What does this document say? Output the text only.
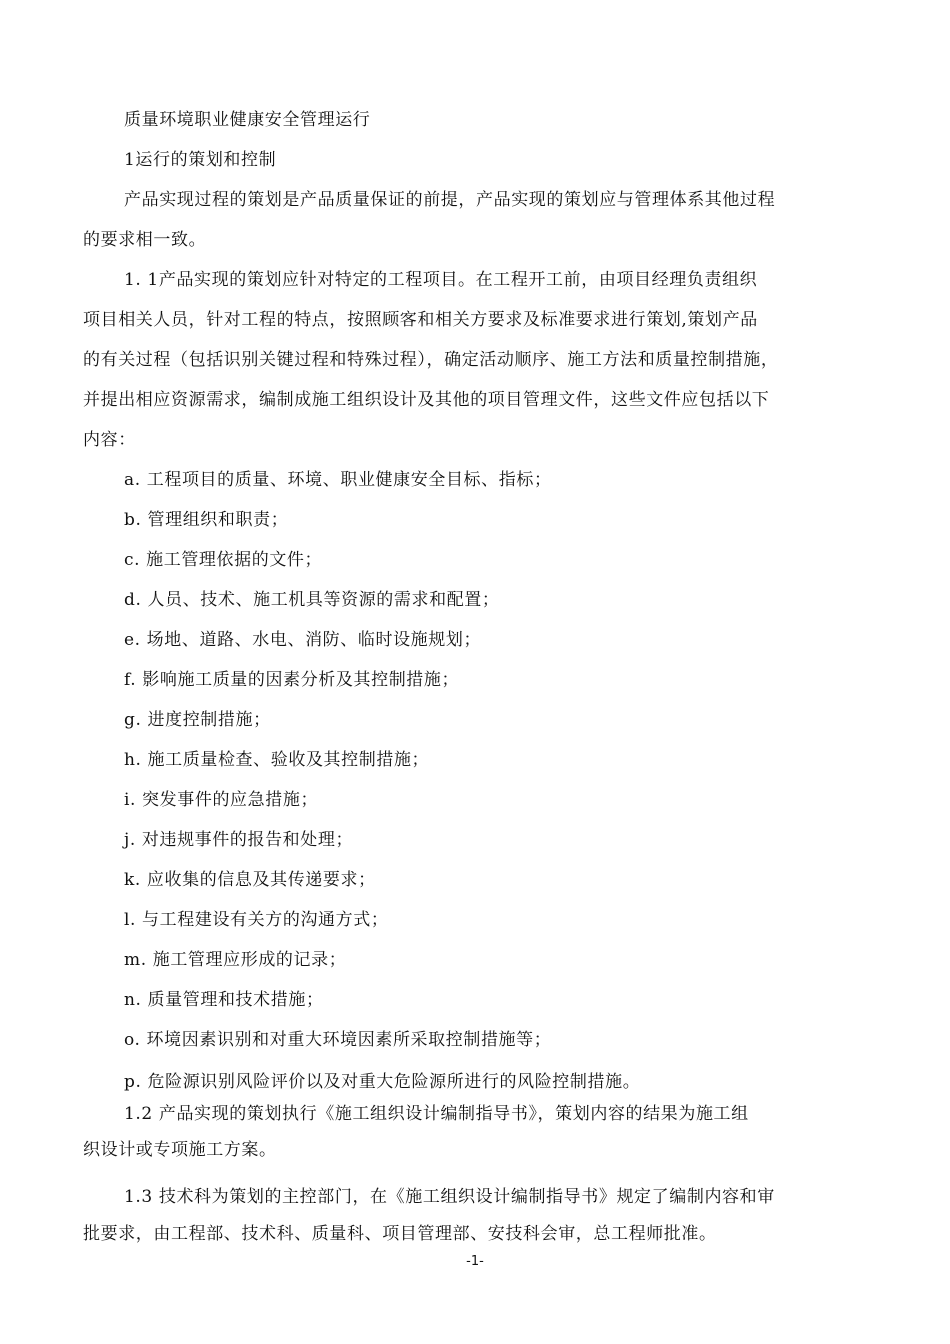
质量环境职业健康安全管理运行
1运行的策划和控制
产品实现过程的策划是产品质量保证的前提，产品实现的策划应与管理体系其他过程
的要求相一致。
1. 1产品实现的策划应针对特定的工程项目。在工程开工前，由项目经理负责组织
项目相关人员，针对工程的特点，按照顾客和相关方要求及标准要求进行策划,策划产品
的有关过程（包括识别关键过程和特殊过程），确定活动顺序、施工方法和质量控制措施，
并提出相应资源需求，编制成施工组织设计及其他的项目管理文件，这些文件应包括以下
内容：
a. 工程项目的质量、环境、职业健康安全目标、指标；
b. 管理组织和职责；
c. 施工管理依据的文件；
d. 人员、技术、施工机具等资源的需求和配置；
e. 场地、道路、水电、消防、临时设施规划；
f. 影响施工质量的因素分析及其控制措施；
g. 进度控制措施；
h. 施工质量检查、验收及其控制措施；
i. 突发事件的应急措施；
j. 对违规事件的报告和处理；
k. 应收集的信息及其传递要求；
l. 与工程建设有关方的沟通方式；
m. 施工管理应形成的记录；
n. 质量管理和技术措施；
o. 环境因素识别和对重大环境因素所采取控制措施等；
p. 危险源识别风险评价以及对重大危险源所进行的风险控制措施。
1.2 产品实现的策划执行《施工组织设计编制指导书》，策划内容的结果为施工组
织设计或专项施工方案。
1.3 技术科为策划的主控部门，在《施工组织设计编制指导书》规定了编制内容和审
批要求，由工程部、技术科、质量科、项目管理部、安技科会审，总工程师批准。
-1-
